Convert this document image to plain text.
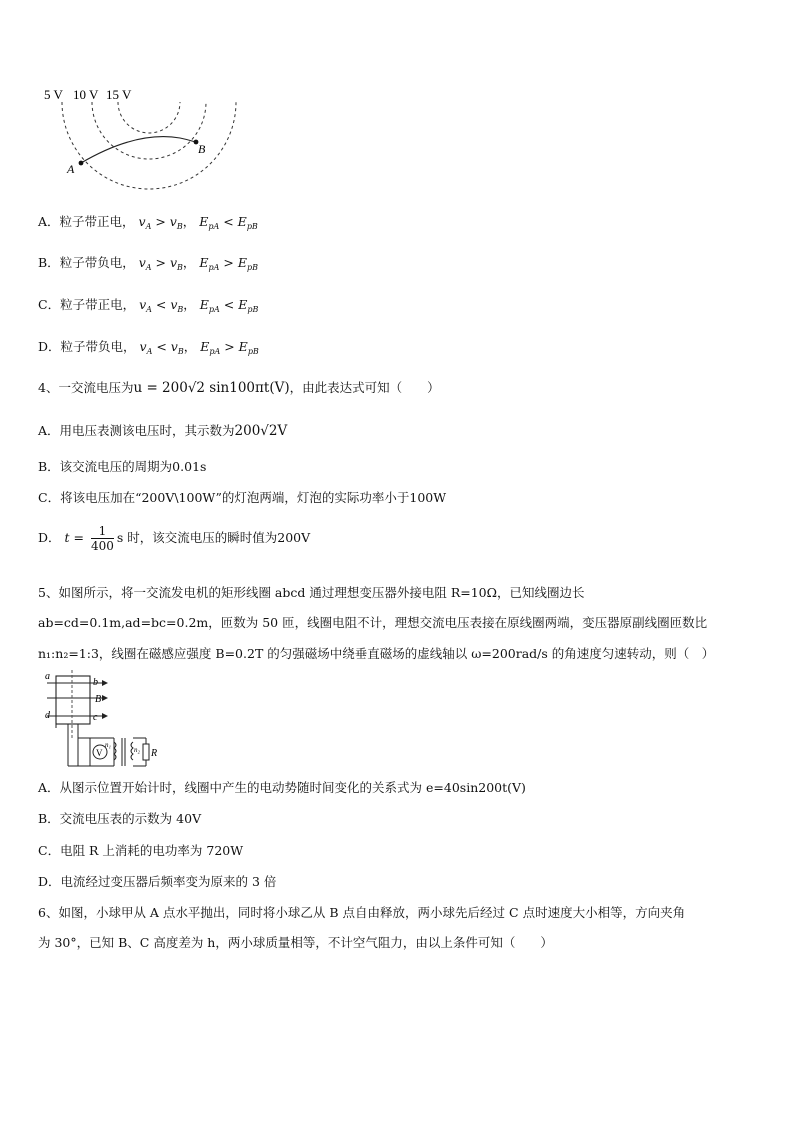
5 V 10 V 15 V
A
B
A．粒子带正电， $v_A > v_B$， $E_{pA} < E_{pB}$
B．粒子带负电， $v_A > v_B$， $E_{pA} > E_{pB}$
C．粒子带正电， $v_A < v_B$， $E_{pA} < E_{pB}$
D．粒子带负电， $v_A < v_B$， $E_{pA} > E_{pB}$
4、一交流电压为u = 200√2 sin100πt(V)，由此表达式可知（　　）
A．用电压表测该电压时，其示数为200√2V
B．该交流电压的周期为0.01s
C．将该电压加在“200V\100W”的灯泡两端，灯泡的实际功率小于100W
D． $t = \frac{1}{400}$ s 时，该交流电压的瞬时值为200V
5、如图所示，将一交流发电机的矩形线圈 abcd 通过理想变压器外接电阻 R=10Ω，已知线圈边长
ab=cd=0.1m,ad=bc=0.2m，匝数为 50 匝，线圈电阻不计，理想交流电压表接在原线圈两端，变压器原副线圈匝数比
n₁:n₂=1:3，线圈在磁感应强度 B=0.2T 的匀强磁场中绕垂直磁场的虚线轴以 ω=200rad/s 的角速度匀速转动，则（　）
a
b
B
d	c
V
n₁
n₂ R
A．从图示位置开始计时，线圈中产生的电动势随时间变化的关系式为 e=40sin200t(V)
B．交流电压表的示数为 40V
C．电阻 R 上消耗的电功率为 720W
D．电流经过变压器后频率变为原来的 3 倍
6、如图，小球甲从 A 点水平抛出，同时将小球乙从 B 点自由释放，两小球先后经过 C 点时速度大小相等，方向夹角
为 30°，已知 B、C 高度差为 h，两小球质量相等，不计空气阻力，由以上条件可知（　　）
